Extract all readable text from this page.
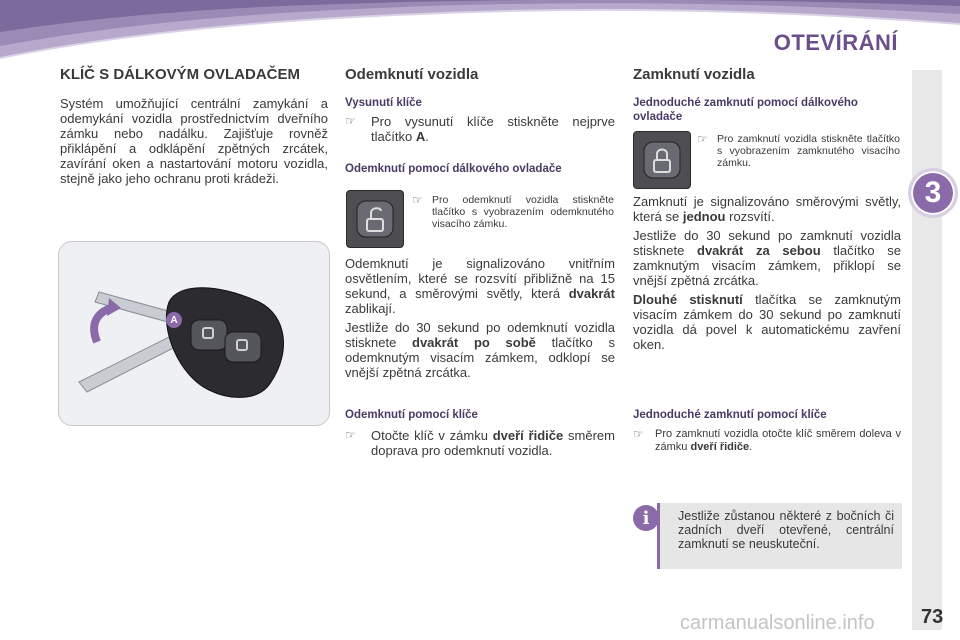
OTEVÍRÁNÍ
3
KLÍČ S DÁLKOVÝM OVLADAČEM

Systém umožňující centrální zamykání a odemykání vozidla prostřednictvím dveřního zámku nebo nadálku. Zajišťuje rovněž přiklápění a odklápění zpětných zrcátek, zavírání oken a nastartování motoru vozidla, stejně jako jeho ochranu proti krádeži.

A
Odemknutí vozidla

Vysunutí klíče

☞ Pro vysunutí klíče stiskněte nejprve tlačítko A.

Odemknutí pomocí dálkového ovladače

☞ Pro odemknutí vozidla stiskněte tlačítko s vyobrazením odemknutého visacího zámku.

Odemknutí je signalizováno vnitřním osvětlením, které se rozsvítí přibližně na 15 sekund, a směrovými světly, která dvakrát zablikají.

Jestliže do 30 sekund po odemknutí vozidla stisknete dvakrát po sobě tlačítko s odemknutým visacím zámkem, odklopí se vnější zpětná zrcátka.

Odemknutí pomocí klíče

☞ Otočte klíč v zámku dveří řidiče směrem doprava pro odemknutí vozidla.
Zamknutí vozidla

Jednoduché zamknutí pomocí dálkového ovladače

☞ Pro zamknutí vozidla stiskněte tlačítko s vyobrazením zamknutého visacího zámku.

Zamknutí je signalizováno směrovými světly, která se jednou rozsvítí.

Jestliže do 30 sekund po zamknutí vozidla stisknete dvakrát za sebou tlačítko se zamknutým visacím zámkem, přiklopí se vnější zpětná zrcátka.

Dlouhé stisknutí tlačítka se zamknutým visacím zámkem do 30 sekund po zamknutí vozidla dá povel k automatickému zavření oken.

Jednoduché zamknutí pomocí klíče

☞ Pro zamknutí vozidla otočte klíč směrem doleva v zámku dveří řidiče.

Jestliže zůstanou některé z bočních či zadních dveří otevřené, centrální zamknutí se neuskuteční.

i
carmanualsonline.info 73
